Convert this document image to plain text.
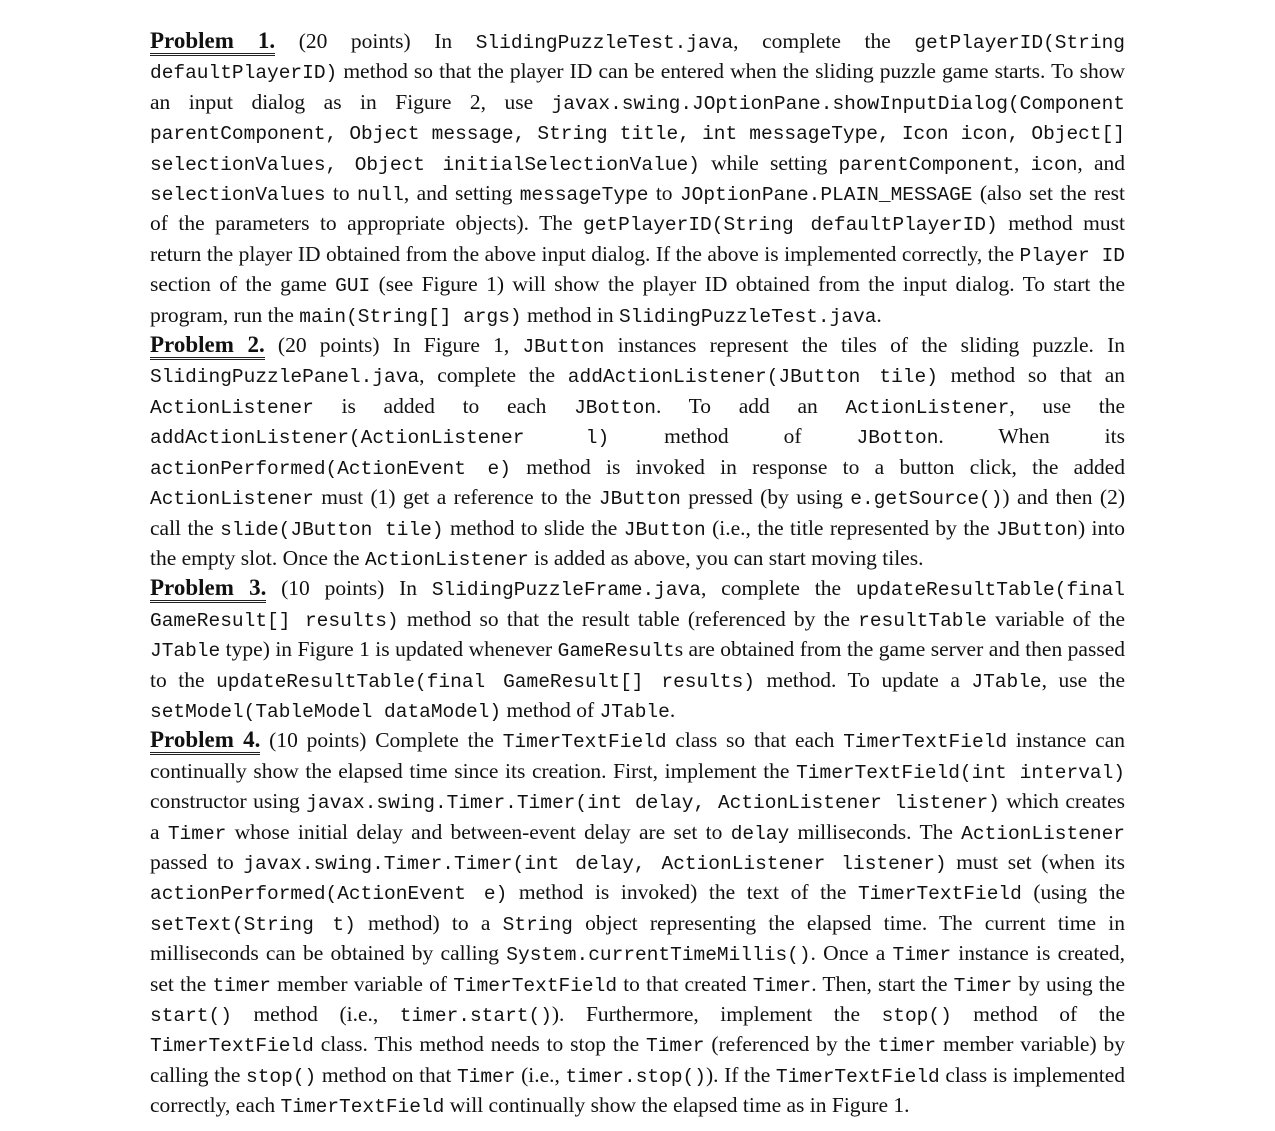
Problem 1. (20 points) In SlidingPuzzleTest.java, complete the getPlayerID(String defaultPlayerID) method so that the player ID can be entered when the sliding puzzle game starts. To show an input dialog as in Figure 2, use javax.swing.JOptionPane.showInputDialog(Component parentComponent, Object message, String title, int messageType, Icon icon, Object[] selectionValues, Object initialSelectionValue) while setting parentComponent, icon, and selectionValues to null, and setting messageType to JOptionPane.PLAIN_MESSAGE (also set the rest of the parameters to appropriate objects). The getPlayerID(String defaultPlayerID) method must return the player ID obtained from the above input dialog. If the above is implemented correctly, the Player ID section of the game GUI (see Figure 1) will show the player ID obtained from the input dialog. To start the program, run the main(String[] args) method in SlidingPuzzleTest.java.

Problem 2. (20 points) In Figure 1, JButton instances represent the tiles of the sliding puzzle. In SlidingPuzzlePanel.java, complete the addActionListener(JButton tile) method so that an ActionListener is added to each JBotton. To add an ActionListener, use the addActionListener(ActionListener l) method of JBotton. When its actionPerformed(ActionEvent e) method is invoked in response to a button click, the added ActionListener must (1) get a reference to the JButton pressed (by using e.getSource()) and then (2) call the slide(JButton tile) method to slide the JButton (i.e., the title represented by the JButton) into the empty slot. Once the ActionListener is added as above, you can start moving tiles.

Problem 3. (10 points) In SlidingPuzzleFrame.java, complete the updateResultTable(final GameResult[] results) method so that the result table (referenced by the resultTable variable of the JTable type) in Figure 1 is updated whenever GameResults are obtained from the game server and then passed to the updateResultTable(final GameResult[] results) method. To update a JTable, use the setModel(TableModel dataModel) method of JTable.

Problem 4. (10 points) Complete the TimerTextField class so that each TimerTextField instance can continually show the elapsed time since its creation. First, implement the TimerTextField(int interval) constructor using javax.swing.Timer.Timer(int delay, ActionListener listener) which creates a Timer whose initial delay and between-event delay are set to delay milliseconds. The ActionListener passed to javax.swing.Timer.Timer(int delay, ActionListener listener) must set (when its actionPerformed(ActionEvent e) method is invoked) the text of the TimerTextField (using the setText(String t) method) to a String object representing the elapsed time. The current time in milliseconds can be obtained by calling System.currentTimeMillis(). Once a Timer instance is created, set the timer member variable of TimerTextField to that created Timer. Then, start the Timer by using the start() method (i.e., timer.start()). Furthermore, implement the stop() method of the TimerTextField class. This method needs to stop the Timer (referenced by the timer member variable) by calling the stop() method on that Timer (i.e., timer.stop()). If the TimerTextField class is implemented correctly, each TimerTextField will continually show the elapsed time as in Figure 1.
